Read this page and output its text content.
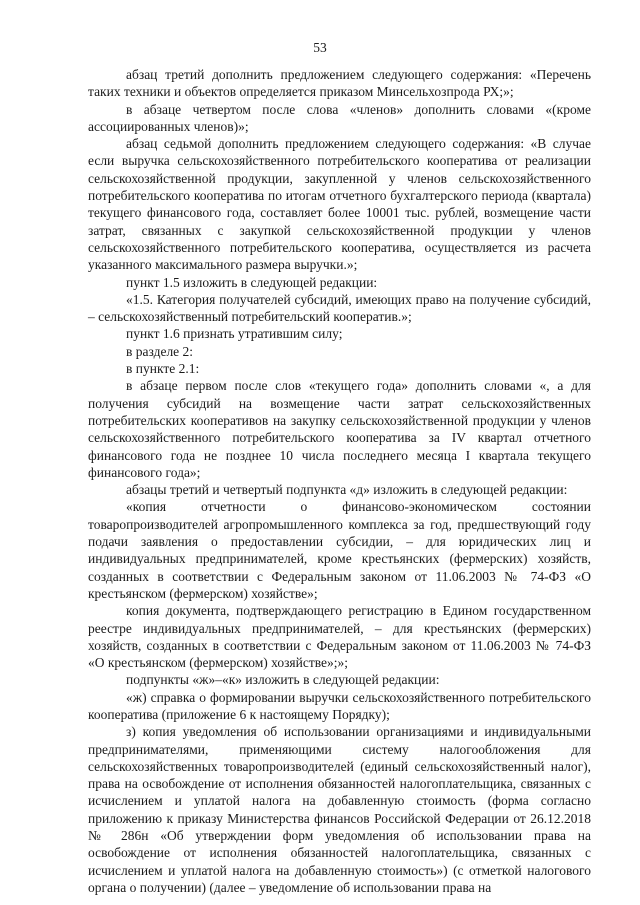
53

абзац третий дополнить предложением следующего содержания: «Перечень таких техники и объектов определяется приказом Минсельхозпрода РХ;»;

в абзаце четвертом после слова «членов» дополнить словами «(кроме ассоциированных членов)»;

абзац седьмой дополнить предложением следующего содержания: «В случае если выручка сельскохозяйственного потребительского кооператива от реализации сельскохозяйственной продукции, закупленной у членов сельскохозяйственного потребительского кооператива по итогам отчетного бухгалтерского периода (квартала) текущего финансового года, составляет более 10001 тыс. рублей, возмещение части затрат, связанных с закупкой сельскохозяйственной продукции у членов сельскохозяйственного потребительского кооператива, осуществляется из расчета указанного максимального размера выручки.»;

пункт 1.5 изложить в следующей редакции:

«1.5. Категория получателей субсидий, имеющих право на получение субсидий, – сельскохозяйственный потребительский кооператив.»;

пункт 1.6 признать утратившим силу;

в разделе 2:

в пункте 2.1:

в абзаце первом после слов «текущего года» дополнить словами «, а для получения субсидий на возмещение части затрат сельскохозяйственных потребительских кооперативов на закупку сельскохозяйственной продукции у членов сельскохозяйственного потребительского кооператива за IV квартал отчетного финансового года не позднее 10 числа последнего месяца I квартала текущего финансового года»;

абзацы третий и четвертый подпункта «д» изложить в следующей редакции:

«копия отчетности о финансово-экономическом состоянии товаропроизводителей агропромышленного комплекса за год, предшествующий году подачи заявления о предоставлении субсидии, – для юридических лиц и индивидуальных предпринимателей, кроме крестьянских (фермерских) хозяйств, созданных в соответствии с Федеральным законом от 11.06.2003 № 74-ФЗ «О крестьянском (фермерском) хозяйстве»;

копия документа, подтверждающего регистрацию в Едином государственном реестре индивидуальных предпринимателей, – для крестьянских (фермерских) хозяйств, созданных в соответствии с Федеральным законом от 11.06.2003 № 74-ФЗ «О крестьянском (фермерском) хозяйстве»;»;

подпункты «ж»–«к» изложить в следующей редакции:

«ж) справка о формировании выручки сельскохозяйственного потребительского кооператива (приложение 6 к настоящему Порядку);

з) копия уведомления об использовании организациями и индивидуальными предпринимателями, применяющими систему налогообложения для сельскохозяйственных товаропроизводителей (единый сельскохозяйственный налог), права на освобождение от исполнения обязанностей налогоплательщика, связанных с исчислением и уплатой налога на добавленную стоимость (форма согласно приложению к приказу Министерства финансов Российской Федерации от 26.12.2018 № 286н «Об утверждении форм уведомления об использовании права на освобождение от исполнения обязанностей налогоплательщика, связанных с исчислением и уплатой налога на добавленную стоимость») (с отметкой налогового органа о получении) (далее – уведомление об использовании права на
